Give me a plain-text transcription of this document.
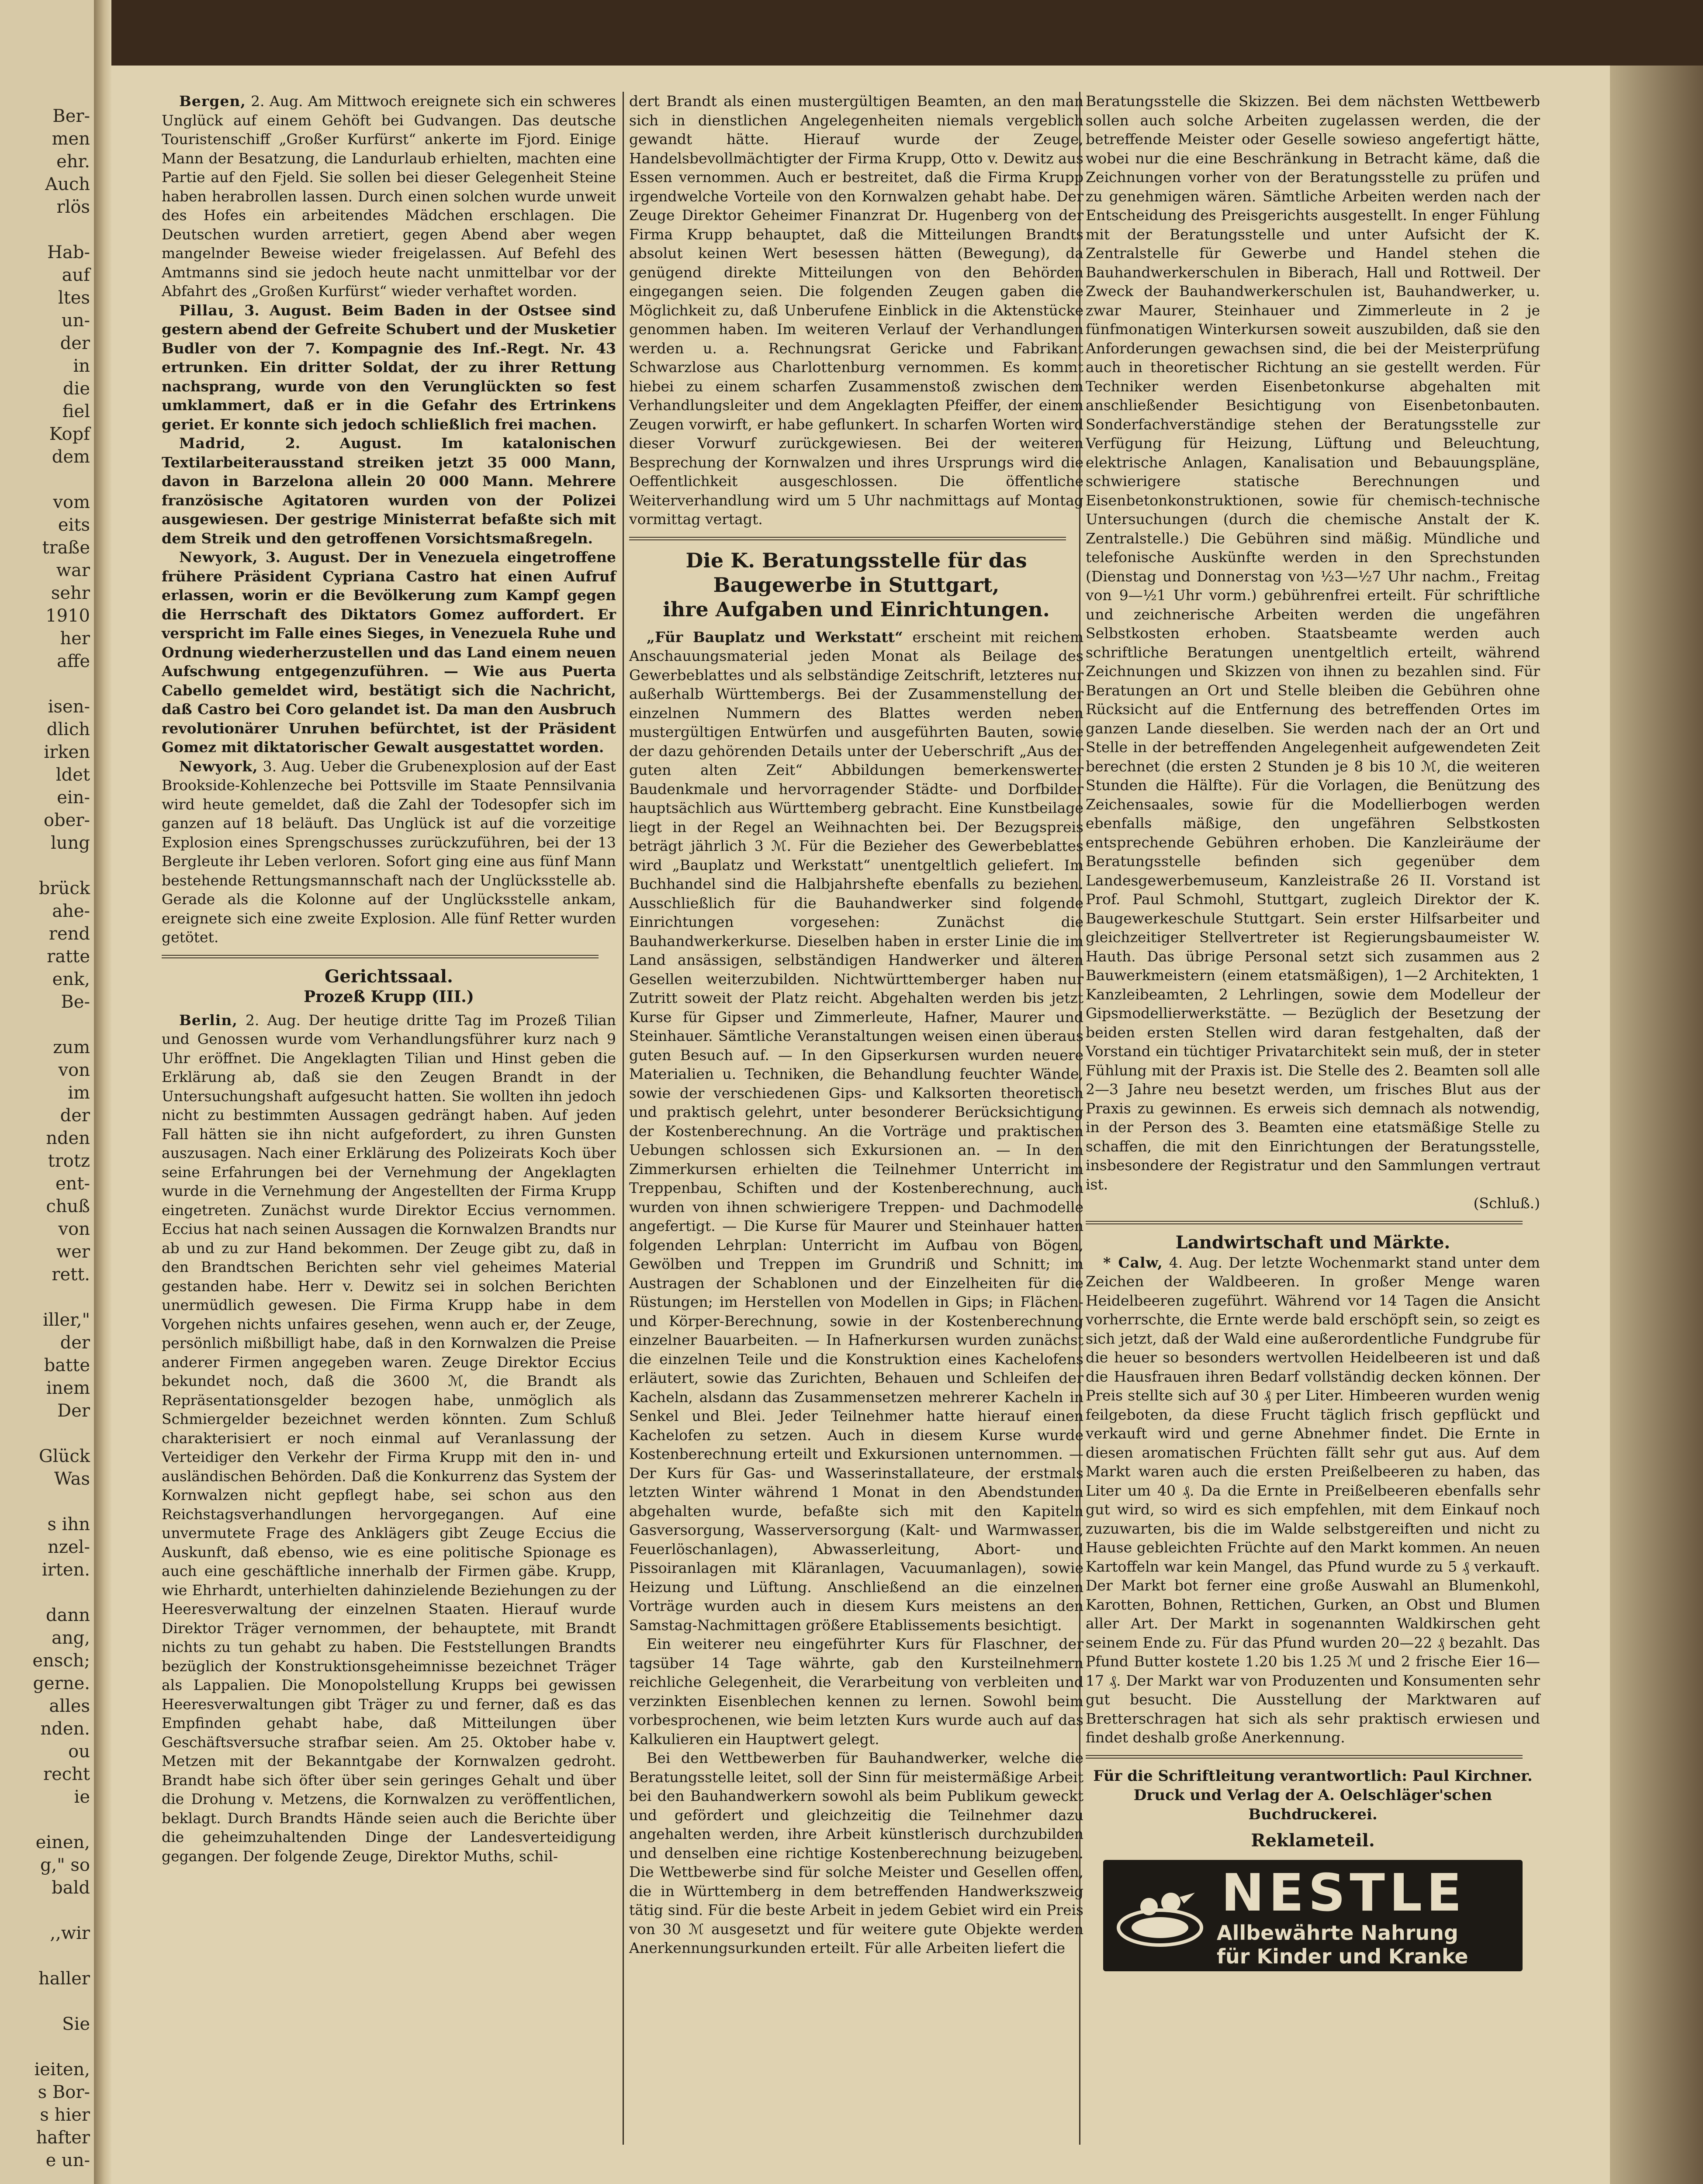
Ber-
men
ehr.
Auch
rlös
Hab-
auf
ltes
un-
der
in
die
fiel
Kopf
dem
vom
eits
traße
war
sehr
1910
her
affe
isen-
dlich
irken
ldet
ein-
ober-
lung
brück
ahe-
rend
ratte
enk,
Be-
zum
von
im
der
nden
trotz
ent-
chuß
von
wer
rett.
iller,"
der
batte
inem
Der
Glück
Was
s ihn
nzel-
irten.
dann
ang,
ensch;
gerne.
alles
nden.
ou
recht
ie
einen,
g," so
bald
,,wir
haller
Sie
ieiten,
s Bor-
s hier
hafter
e un-

Bergen, 2. Aug. Am Mittwoch ereignete sich ein schweres Unglück auf einem Gehöft bei Gudvangen. Das deutsche Touristenschiff „Großer Kurfürst“ ankerte im Fjord. Einige Mann der Besatzung, die Landurlaub erhielten, machten eine Partie auf den Fjeld. Sie sollen bei dieser Gelegenheit Steine haben herabrollen lassen. Durch einen solchen wurde unweit des Hofes ein arbeitendes Mädchen erschlagen. Die Deutschen wurden arretiert, gegen Abend aber wegen mangelnder Beweise wieder freigelassen. Auf Befehl des Amtmanns sind sie jedoch heute nacht unmittelbar vor der Abfahrt des „Großen Kurfürst“ wieder verhaftet worden.

Pillau, 3. August. Beim Baden in der Ostsee sind gestern abend der Gefreite Schubert und der Musketier Budler von der 7. Kompagnie des Inf.-Regt. Nr. 43 ertrunken. Ein dritter Soldat, der zu ihrer Rettung nachsprang, wurde von den Verunglückten so fest umklammert, daß er in die Gefahr des Ertrinkens geriet. Er konnte sich jedoch schließlich frei machen.

Madrid,	2. August. Im katalonischen Textilarbeiterausstand streiken jetzt 35 000 Mann, davon in Barzelona allein 20 000 Mann. Mehrere französische Agitatoren wurden von der Polizei ausgewiesen. Der gestrige Ministerrat befaßte sich mit dem Streik und den getroffenen Vorsichtsmaßregeln.

Newyork, 3. August. Der in Venezuela eingetroffene frühere Präsident Cypriana Castro hat einen Aufruf erlassen, worin er die Bevölkerung zum Kampf gegen die Herrschaft des Diktators Gomez auffordert. Er verspricht im Falle eines Sieges, in Venezuela Ruhe und Ordnung wiederherzustellen und das Land einem neuen Aufschwung entgegenzuführen. — Wie aus Puerta Cabello gemeldet wird, bestätigt sich die Nachricht, daß Castro bei Coro gelandet ist. Da man den Ausbruch revolutionärer Unruhen befürchtet, ist der Präsident Gomez mit diktatorischer Gewalt ausgestattet worden.

Newyork, 3. Aug. Ueber die Grubenexplosion auf der East Brookside-Kohlenzeche bei Pottsville im Staate Pennsilvania wird heute gemeldet, daß die Zahl der Todesopfer sich im ganzen auf 18 beläuft. Das Unglück ist auf die vorzeitige Explosion eines Sprengschusses zurückzuführen, bei der 13 Bergleute ihr Leben verloren. Sofort ging eine aus fünf Mann bestehende Rettungsmannschaft nach der Unglücksstelle ab. Gerade als die Kolonne auf der Unglücksstelle ankam, ereignete sich eine zweite Explosion. Alle fünf Retter wurden getötet.

Gerichtssaal.
Prozeß Krupp (III.)

Berlin, 2. Aug. Der heutige dritte Tag im Prozeß Tilian und Genossen wurde vom Verhandlungsführer kurz nach 9 Uhr eröffnet. Die Angeklagten Tilian und Hinst geben die Erklärung ab, daß sie den Zeugen Brandt in der Untersuchungshaft aufgesucht hatten. Sie wollten ihn jedoch nicht zu bestimmten Aussagen gedrängt haben. Auf jeden Fall hätten sie ihn nicht aufgefordert, zu ihren Gunsten auszusagen. Nach einer Erklärung des Polizeirats Koch über seine Erfahrungen bei der Vernehmung der Angeklagten wurde in die Vernehmung der Angestellten der Firma Krupp eingetreten. Zunächst wurde Direktor Eccius vernommen. Eccius hat nach seinen Aussagen die Kornwalzen Brandts nur ab und zu zur Hand bekommen. Der Zeuge gibt zu, daß in den Brandtschen Berichten sehr viel geheimes Material gestanden habe. Herr v. Dewitz sei in solchen Berichten unermüdlich gewesen. Die Firma Krupp habe in dem Vorgehen nichts unfaires gesehen, wenn auch er, der Zeuge, persönlich mißbilligt habe, daß in den Kornwalzen die Preise anderer Firmen angegeben waren. Zeuge Direktor Eccius bekundet noch, daß die 3600 ℳ, die Brandt als Repräsentationsgelder bezogen habe, unmöglich als Schmiergelder bezeichnet werden könnten. Zum Schluß charakterisiert er noch einmal auf Veranlassung der Verteidiger den Verkehr der Firma Krupp mit den in- und ausländischen Behörden. Daß die Konkurrenz das System der Kornwalzen nicht gepflegt habe, sei schon aus den Reichstagsverhandlungen hervorgegangen. Auf eine unvermutete Frage des Anklägers gibt Zeuge Eccius die Auskunft, daß ebenso, wie es eine politische Spionage es auch eine geschäftliche innerhalb der Firmen gäbe. Krupp, wie Ehrhardt, unterhielten dahinzielende Beziehungen zu der Heeresverwaltung der einzelnen Staaten. Hierauf wurde Direktor Träger vernommen, der behauptete, mit Brandt nichts zu tun gehabt zu haben. Die Feststellungen Brandts bezüglich der Konstruktionsgeheimnisse bezeichnet Träger als Lappalien. Die Monopolstellung Krupps bei gewissen Heeresverwaltungen gibt Träger zu und ferner, daß es das Empfinden gehabt habe, daß Mitteilungen über Geschäftsversuche strafbar seien. Am 25. Oktober habe v. Metzen mit der Bekanntgabe der Kornwalzen gedroht. Brandt habe sich öfter über sein geringes Gehalt und über die Drohung v. Metzens, die Kornwalzen zu veröffentlichen, beklagt. Durch Brandts Hände seien auch die Berichte über die geheimzuhaltenden Dinge der Landesverteidigung gegangen. Der folgende Zeuge, Direktor Muths, schil-

dert Brandt als einen mustergültigen Beamten, an den man sich in dienstlichen Angelegenheiten niemals vergeblich gewandt hätte. Hierauf wurde der Zeuge, Handelsbevollmächtigter der Firma Krupp, Otto v. Dewitz aus Essen vernommen. Auch er bestreitet, daß die Firma Krupp irgendwelche Vorteile von den Kornwalzen gehabt habe. Der Zeuge Direktor Geheimer Finanzrat Dr. Hugenberg von der Firma Krupp behauptet, daß die Mitteilungen Brandts absolut keinen Wert besessen hätten (Bewegung), da genügend direkte Mitteilungen von den Behörden eingegangen seien. Die folgenden Zeugen gaben die Möglichkeit zu, daß Unberufene Einblick in die Aktenstücke genommen haben. Im weiteren Verlauf der Verhandlungen werden u. a. Rechnungsrat Gericke und Fabrikant Schwarzlose aus Charlottenburg vernommen. Es kommt hiebei zu einem scharfen Zusammenstoß zwischen dem Verhandlungsleiter und dem Angeklagten Pfeiffer, der einem Zeugen vorwirft, er habe geflunkert. In scharfen Worten wird dieser Vorwurf zurückgewiesen. Bei der weiteren Besprechung der Kornwalzen und ihres Ursprungs wird die Oeffentlichkeit ausgeschlossen. Die öffentliche Weiterverhandlung wird um 5 Uhr nachmittags auf Montag vormittag vertagt.

Die K. Beratungsstelle für das Baugewerbe in Stuttgart,
ihre Aufgaben und Einrichtungen.

„Für Bauplatz und Werkstatt“ erscheint mit reichem Anschauungsmaterial jeden Monat als Beilage des Gewerbeblattes und als selbständige Zeitschrift, letzteres nur außerhalb Württembergs. Bei der Zusammenstellung der einzelnen Nummern des Blattes werden neben mustergültigen Entwürfen und ausgeführten Bauten, sowie der dazu gehörenden Details unter der Ueberschrift „Aus der guten alten Zeit“ Abbildungen bemerkenswerter Baudenkmale und hervorragender Städte- und Dorfbilder hauptsächlich aus Württemberg gebracht. Eine Kunstbeilage liegt in der Regel an Weihnachten bei. Der Bezugspreis beträgt jährlich 3 ℳ. Für die Bezieher des Gewerbeblattes wird „Bauplatz und Werkstatt“ unentgeltlich geliefert. Im Buchhandel sind die Halbjahrshefte ebenfalls zu beziehen. Ausschließlich für die Bauhandwerker sind folgende Einrichtungen vorgesehen: Zunächst die Bauhandwerkerkurse. Dieselben haben in erster Linie die im Land ansässigen, selbständigen Handwerker und älteren Gesellen weiterzubilden. Nichtwürttemberger haben nur Zutritt soweit der Platz reicht. Abgehalten werden bis jetzt Kurse für Gipser und Zimmerleute, Hafner, Maurer und Steinhauer. Sämtliche Veranstaltungen weisen einen überaus guten Besuch auf. — In den Gipserkursen wurden neuere Materialien u. Techniken, die Behandlung feuchter Wände, sowie der verschiedenen Gips- und Kalksorten theoretisch und praktisch gelehrt, unter besonderer Berücksichtigung der Kostenberechnung. An die Vorträge und praktischen Uebungen schlossen sich Exkursionen an. — In den Zimmerkursen erhielten die Teilnehmer Unterricht im Treppenbau, Schiften und der Kostenberechnung, auch wurden von ihnen schwierigere Treppen- und Dachmodelle angefertigt. — Die Kurse für Maurer und Steinhauer hatten folgenden Lehrplan: Unterricht im Aufbau von Bögen, Gewölben und Treppen im Grundriß und Schnitt; im Austragen der Schablonen und der Einzelheiten für die Rüstungen; im Herstellen von Modellen in Gips; in Flächen- und Körper-Berechnung, sowie in der Kostenberechnung einzelner Bauarbeiten. — In Hafnerkursen wurden zunächst die einzelnen Teile und die Konstruktion eines Kachelofens erläutert, sowie das Zurichten, Behauen und Schleifen der Kacheln, alsdann das Zusammensetzen mehrerer Kacheln in Senkel und Blei. Jeder Teilnehmer hatte hierauf einen Kachelofen zu setzen. Auch in diesem Kurse wurde Kostenberechnung erteilt und Exkursionen unternommen. — Der Kurs für Gas- und Wasserinstallateure, der erstmals letzten Winter während 1 Monat in den Abendstunden abgehalten wurde, befaßte sich mit den Kapiteln Gasversorgung, Wasserversorgung (Kalt- und Warmwasser, Feuerlöschanlagen), Abwasserleitung, Abort- und Pissoiranlagen mit Kläranlagen, Vacuumanlagen), sowie Heizung und Lüftung. Anschließend an die einzelnen Vorträge wurden auch in diesem Kurs meistens an den Samstag-Nachmittagen größere Etablissements besichtigt.

Ein weiterer neu eingeführter Kurs für Flaschner, der tagsüber 14 Tage währte, gab den Kursteilnehmern reichliche Gelegenheit, die Verarbeitung von verbleiten und verzinkten Eisenblechen kennen zu lernen. Sowohl beim vorbesprochenen, wie beim letzten Kurs wurde auch auf das Kalkulieren ein Hauptwert gelegt.

Bei den Wettbewerben für Bauhandwerker, welche die Beratungsstelle leitet, soll der Sinn für meistermäßige Arbeit bei den Bauhandwerkern sowohl als beim Publikum geweckt und gefördert und gleichzeitig die Teilnehmer dazu angehalten werden, ihre Arbeit künstlerisch durchzubilden und denselben eine richtige Kostenberechnung beizugeben. Die Wettbewerbe sind für solche Meister und Gesellen offen, die in Württemberg in dem betreffenden Handwerkszweig tätig sind. Für die beste Arbeit in jedem Gebiet wird ein Preis von 30 ℳ ausgesetzt und für weitere gute Objekte werden Anerkennungsurkunden erteilt. Für alle Arbeiten liefert die

Beratungsstelle die Skizzen. Bei dem nächsten Wettbewerb sollen auch solche Arbeiten zugelassen werden, die der betreffende Meister oder Geselle sowieso angefertigt hätte, wobei nur die eine Beschränkung in Betracht käme, daß die Zeichnungen vorher von der Beratungsstelle zu prüfen und zu genehmigen wären. Sämtliche Arbeiten werden nach der Entscheidung des Preisgerichts ausgestellt. In enger Fühlung mit der Beratungsstelle und unter Aufsicht der K. Zentralstelle für Gewerbe und Handel stehen die Bauhandwerkerschulen in Biberach, Hall und Rottweil. Der Zweck der Bauhandwerkerschulen ist, Bauhandwerker, u. zwar Maurer, Steinhauer und Zimmerleute in 2 je fünfmonatigen Winterkursen soweit auszubilden, daß sie den Anforderungen gewachsen sind, die bei der Meisterprüfung auch in theoretischer Richtung an sie gestellt werden. Für Techniker werden Eisenbetonkurse abgehalten mit anschließender Besichtigung von Eisenbetonbauten. Sonderfachverständige stehen der Beratungsstelle zur Verfügung für Heizung, Lüftung und Beleuchtung, elektrische Anlagen, Kanalisation und Bebauungspläne, schwierigere statische Berechnungen und Eisenbetonkonstruktionen, sowie für chemisch-technische Untersuchungen (durch die chemische Anstalt der K. Zentralstelle.) Die Gebühren sind mäßig. Mündliche und telefonische Auskünfte werden in den Sprechstunden (Dienstag und Donnerstag von ½3—½7 Uhr nachm., Freitag von 9—½1 Uhr vorm.) gebührenfrei erteilt. Für schriftliche und zeichnerische Arbeiten werden die ungefähren Selbstkosten erhoben. Staatsbeamte werden auch schriftliche Beratungen unentgeltlich erteilt, während Zeichnungen und Skizzen von ihnen zu bezahlen sind. Für Beratungen an Ort und Stelle bleiben die Gebühren ohne Rücksicht auf die Entfernung des betreffenden Ortes im ganzen Lande dieselben. Sie werden nach der an Ort und Stelle in der betreffenden Angelegenheit aufgewendeten Zeit berechnet (die ersten 2 Stunden je 8 bis 10 ℳ, die weiteren Stunden die Hälfte). Für die Vorlagen, die Benützung des Zeichensaales, sowie für die Modellierbogen werden ebenfalls mäßige, den ungefähren Selbstkosten entsprechende Gebühren erhoben. Die Kanzleiräume der Beratungsstelle befinden sich gegenüber dem Landesgewerbemuseum, Kanzleistraße 26 II. Vorstand ist Prof. Paul Schmohl, Stuttgart, zugleich Direktor der K. Baugewerkeschule Stuttgart. Sein erster Hilfsarbeiter und gleichzeitiger Stellvertreter ist Regierungsbaumeister W. Hauth. Das übrige Personal setzt sich zusammen aus 2 Bauwerkmeistern (einem etatsmäßigen), 1—2 Architekten, 1 Kanzleibeamten, 2 Lehrlingen, sowie dem Modelleur der Gipsmodellierwerkstätte. — Bezüglich der Besetzung der beiden ersten Stellen wird daran festgehalten, daß der Vorstand ein tüchtiger Privatarchitekt sein muß, der in steter Fühlung mit der Praxis ist. Die Stelle des 2. Beamten soll alle 2—3 Jahre neu besetzt werden, um frisches Blut aus der Praxis zu gewinnen. Es erweis sich demnach als notwendig, in der Person des 3. Beamten eine etatsmäßige Stelle zu schaffen, die mit den Einrichtungen der Beratungsstelle, insbesondere der Registratur und den Sammlungen vertraut ist.

(Schluß.)
Landwirtschaft und Märkte.

* Calw, 4. Aug. Der letzte Wochenmarkt stand unter dem Zeichen der Waldbeeren. In großer Menge waren Heidelbeeren zugeführt. Während vor 14 Tagen die Ansicht vorherrschte, die Ernte werde bald erschöpft sein, so zeigt es sich jetzt, daß der Wald eine außerordentliche Fundgrube für die heuer so besonders wertvollen Heidelbeeren ist und daß die Hausfrauen ihren Bedarf vollständig decken können. Der Preis stellte sich auf 30 ₰ per Liter. Himbeeren wurden wenig feilgeboten, da diese Frucht täglich frisch gepflückt und verkauft wird und gerne Abnehmer findet. Die Ernte in diesen aromatischen Früchten fällt sehr gut aus. Auf dem Markt waren auch die ersten Preißelbeeren zu haben, das Liter um 40 ₰. Da die Ernte in Preißelbeeren ebenfalls sehr gut wird, so wird es sich empfehlen, mit dem Einkauf noch zuzuwarten, bis die im Walde selbstgereiften und nicht zu Hause gebleichten Früchte auf den Markt kommen. An neuen Kartoffeln war kein Mangel, das Pfund wurde zu 5 ₰ verkauft. Der Markt bot ferner eine große Auswahl an Blumenkohl, Karotten, Bohnen, Rettichen, Gurken, an Obst und Blumen aller Art. Der Markt in sogenannten Waldkirschen geht seinem Ende zu. Für das Pfund wurden 20—22 ₰ bezahlt. Das Pfund Butter kostete 1.20 bis 1.25 ℳ und 2 frische Eier 16—17 ₰. Der Markt war von Produzenten und Konsumenten sehr gut besucht. Die Ausstellung der Marktwaren auf Bretterschragen hat sich als sehr praktisch erwiesen und findet deshalb große Anerkennung.

Für die Schriftleitung verantwortlich: Paul Kirchner.
Druck und Verlag der A. Oelschläger'schen Buchdruckerei.
Reklameteil.
NESTLE
Allbewährte Nahrung
für Kinder und Kranke
